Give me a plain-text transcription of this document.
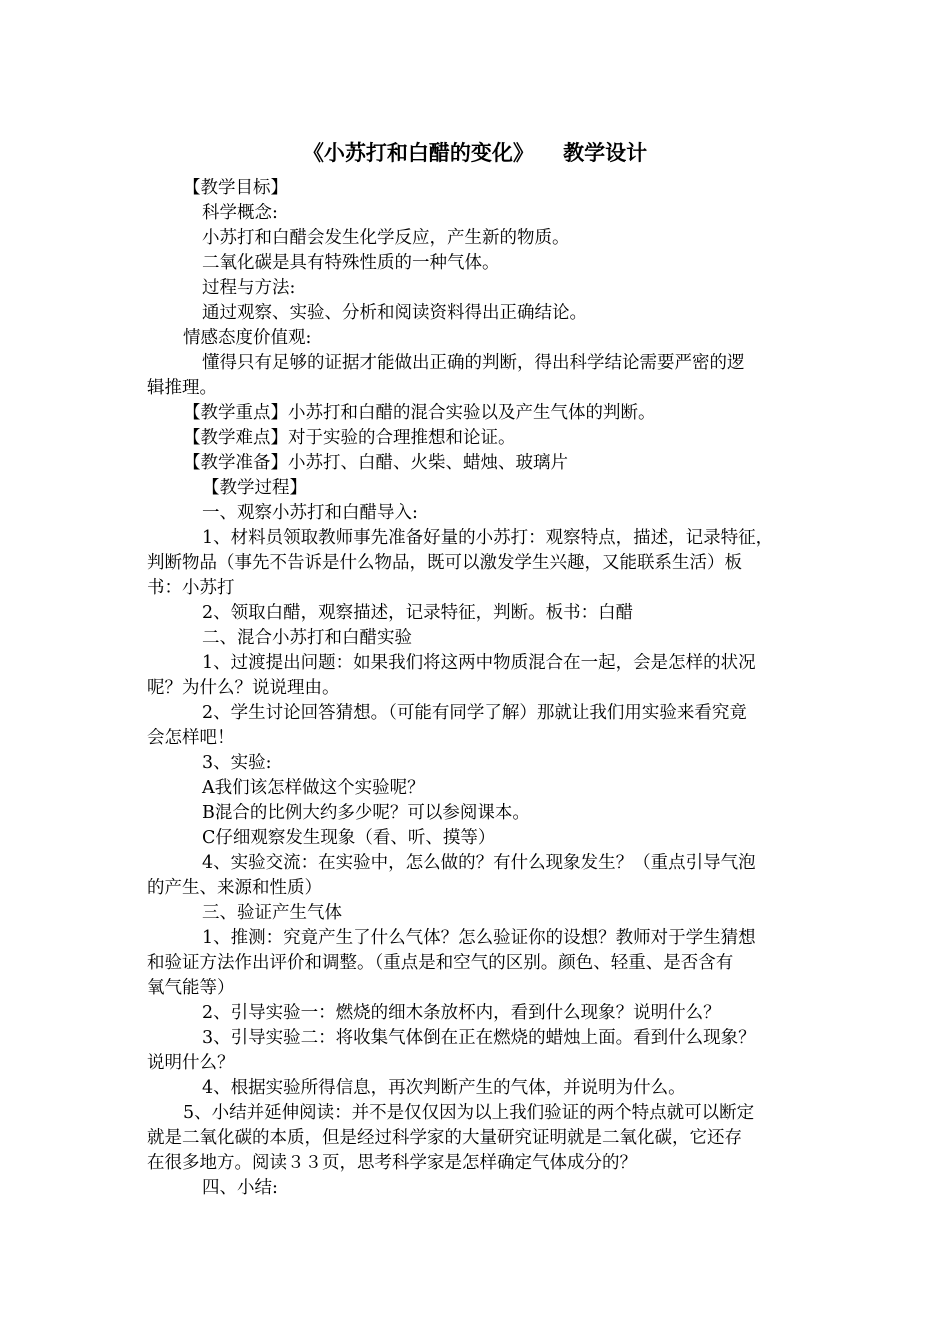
《小苏打和白醋的变化》    教学设计
【教学目标】
科学概念:
小苏打和白醋会发生化学反应，产生新的物质。
二氧化碳是具有特殊性质的一种气体。
过程与方法:
通过观察、实验、分析和阅读资料得出正确结论。
情感态度价值观:
懂得只有足够的证据才能做出正确的判断，得出科学结论需要严密的逻
辑推理。
【教学重点】小苏打和白醋的混合实验以及产生气体的判断。
【教学难点】对于实验的合理推想和论证。
【教学准备】小苏打、白醋、火柴、蜡烛、玻璃片
【教学过程】
一、观察小苏打和白醋导入:
1、材料员领取教师事先准备好量的小苏打：观察特点，描述，记录特征，
判断物品（事先不告诉是什么物品，既可以激发学生兴趣，又能联系生活）板
书：小苏打
2、领取白醋，观察描述，记录特征，判断。板书：白醋
二、混合小苏打和白醋实验
1、过渡提出问题：如果我们将这两中物质混合在一起，会是怎样的状况
呢？为什么？说说理由。
2、学生讨论回答猜想。（可能有同学了解）那就让我们用实验来看究竟
会怎样吧！
3、实验:
A我们该怎样做这个实验呢？
B混合的比例大约多少呢？可以参阅课本。
C仔细观察发生现象（看、听、摸等）
4、实验交流：在实验中，怎么做的？有什么现象发生？（重点引导气泡
的产生、来源和性质）
三、验证产生气体
1、推测：究竟产生了什么气体？怎么验证你的设想？教师对于学生猜想
和验证方法作出评价和调整。（重点是和空气的区别。颜色、轻重、是否含有
氧气能等）
2、引导实验一：燃烧的细木条放杯内，看到什么现象？说明什么？
3、引导实验二：将收集气体倒在正在燃烧的蜡烛上面。看到什么现象？
说明什么？
4、根据实验所得信息，再次判断产生的气体，并说明为什么。
5、小结并延伸阅读：并不是仅仅因为以上我们验证的两个特点就可以断定
就是二氧化碳的本质，但是经过科学家的大量研究证明就是二氧化碳，它还存
在很多地方。阅读３３页，思考科学家是怎样确定气体成分的？
四、小结:
